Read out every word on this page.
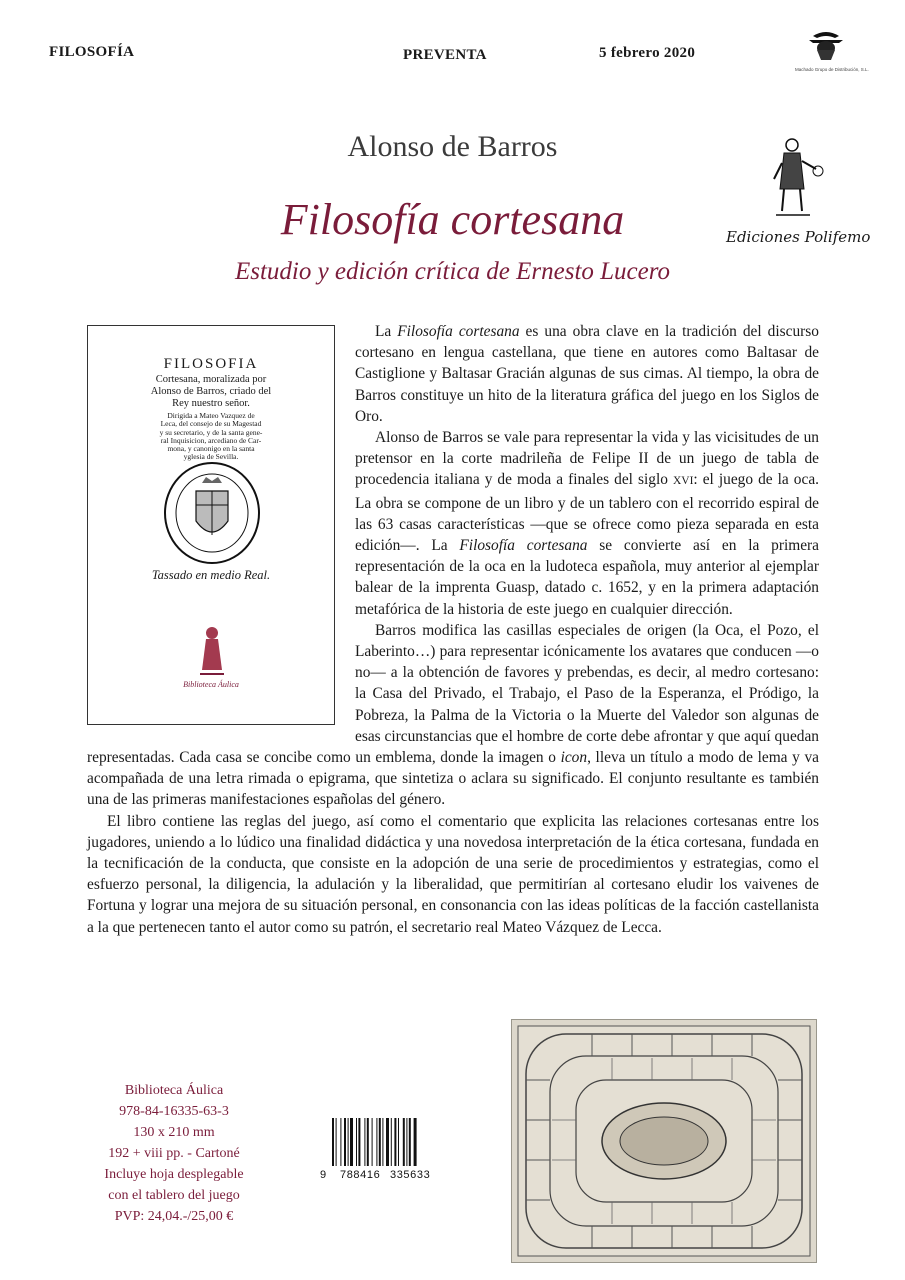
FILOSOFÍA	PREVENTA	5 febrero 2020
Machado Grupo de Distribución, S.L.
Alonso de Barros
Filosofía cortesana
Estudio y edición crítica de Ernesto Lucero
Ediciones Polifemo
FILOSOFIA
Cortesana, moralizada por
Alonso de Barros, criado del
Rey nuestro señor.
Dirigida a Mateo Vazquez de
Leca, del consejo de su Magestad
y su secretario, y de la santa gene-
ral Inquisicion, arcediano de Car-
mona, y canonigo en la santa
yglesia de Sevilla.
Tassado en medio Real.
Biblioteca Áulica

La Filosofía cortesana es una obra clave en la tradición del discurso cortesano en lengua castellana, que tiene en autores como Baltasar de Castiglione y Baltasar Gracián algunas de sus cimas. Al tiempo, la obra de Barros constituye un hito de la literatura gráfica del juego en los Siglos de Oro.

Alonso de Barros se vale para representar la vida y las vicisitudes de un pretensor en la corte madrileña de Felipe II de un juego de tabla de procedencia italiana y de moda a finales del siglo XVI: el juego de la oca. La obra se compone de un libro y de un tablero con el recorrido espiral de las 63 casas características —que se ofrece como pieza separada en esta edición—. La Filosofía cortesana se convierte así en la primera representación de la oca en la ludoteca española, muy anterior al ejemplar balear de la imprenta Guasp, datado c. 1652, y en la primera adaptación metafórica de la historia de este juego en cualquier dirección.

Barros modifica las casillas especiales de origen (la Oca, el Pozo, el Laberinto…) para representar icónicamente los avatares que conducen —o no— a la obtención de favores y prebendas, es decir, al medro cortesano: la Casa del Privado, el Trabajo, el Paso de la Esperanza, el Pródigo, la Pobreza, la Palma de la Victoria o la Muerte del Valedor son algunas de esas circunstancias que el hombre de corte debe afrontar y que aquí quedan representadas. Cada casa se concibe como un emblema, donde la imagen o icon, lleva un título a modo de lema y va acompañada de una letra rimada o epigrama, que sintetiza o aclara su significado. El conjunto resultante es también una de las primeras manifestaciones españolas del género.

El libro contiene las reglas del juego, así como el comentario que explicita las relaciones cortesanas entre los jugadores, uniendo a lo lúdico una finalidad didáctica y una novedosa interpretación de la ética cortesana, fundada en la tecnificación de la conducta, que consiste en la adopción de una serie de procedimientos y estrategias, como el esfuerzo personal, la diligencia, la adulación y la liberalidad, que permitirían al cortesano eludir los vaivenes de Fortuna y lograr una mejora de su situación personal, en consonancia con las ideas políticas de la facción castellanista a la que pertenecen tanto el autor como su patrón, el secretario real Mateo Vázquez de Lecca.

Biblioteca Áulica
978-84-16335-63-3
130 x 210 mm
192 + viii pp. - Cartoné
Incluye hoja desplegable
con el tablero del juego
PVP: 24,04.-/25,00 €
9 788416 335633
